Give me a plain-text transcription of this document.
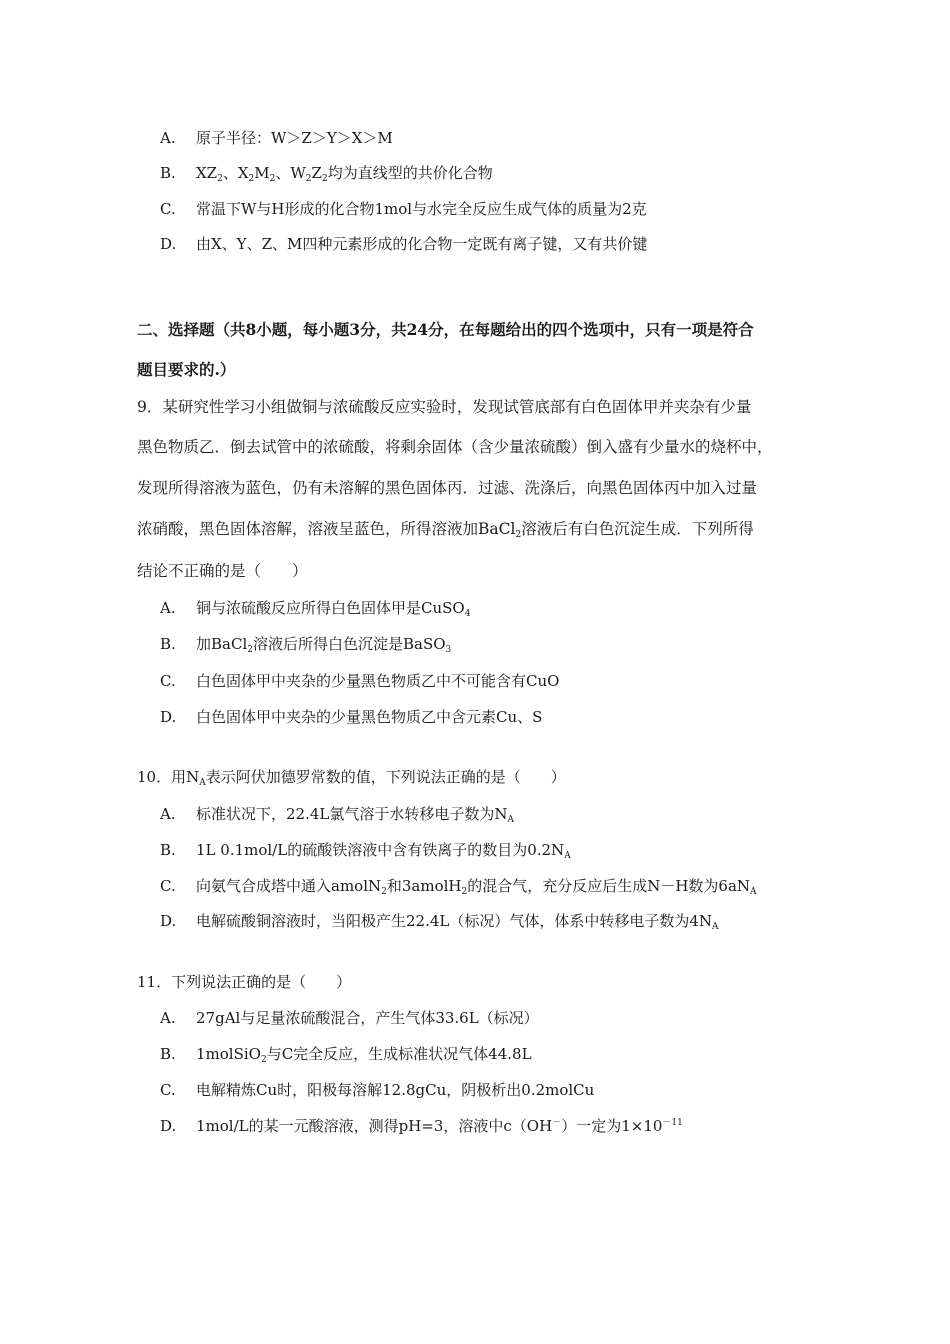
A. 原子半径：W＞Z＞Y＞X＞M
B. $XZ_2$、$X_2M_2$、$W_2Z_2$均为直线型的共价化合物
C. 常温下W与H形成的化合物1mol与水完全反应生成气体的质量为2克
D. 由X、Y、Z、M四种元素形成的化合物一定既有离子键，又有共价键
二、选择题（共8小题，每小题3分，共24分，在每题给出的四个选项中，只有一项是符合
题目要求的.）
9．某研究性学习小组做铜与浓硫酸反应实验时，发现试管底部有白色固体甲并夹杂有少量
黑色物质乙．倒去试管中的浓硫酸，将剩余固体（含少量浓硫酸）倒入盛有少量水的烧杯中，
发现所得溶液为蓝色，仍有未溶解的黑色固体丙．过滤、洗涤后，向黑色固体丙中加入过量
浓硝酸，黑色固体溶解，溶液呈蓝色，所得溶液加BaCl$_2$溶液后有白色沉淀生成．下列所得
结论不正确的是（　　）
A. 铜与浓硫酸反应所得白色固体甲是CuSO$_4$
B. 加BaCl$_2$溶液后所得白色沉淀是BaSO$_3$
C. 白色固体甲中夹杂的少量黑色物质乙中不可能含有CuO
D. 白色固体甲中夹杂的少量黑色物质乙中含元素Cu、S
10．用$N_A$表示阿伏加德罗常数的值，下列说法正确的是（　　）
A. 标准状况下，22.4L氯气溶于水转移电子数为$N_A$
B. 1L 0.1mol/L的硫酸铁溶液中含有铁离子的数目为$0.2N_A$
C. 向氨气合成塔中通入amolN$_2$和3amolH$_2$的混合气，充分反应后生成N－H数为$6aN_A$
D. 电解硫酸铜溶液时，当阳极产生22.4L（标况）气体，体系中转移电子数为$4N_A$
11．下列说法正确的是（　　）
A. 27gAl与足量浓硫酸混合，产生气体33.6L（标况）
B. 1molSiO$_2$与C完全反应，生成标准状况气体44.8L
C. 电解精炼Cu时，阳极每溶解12.8gCu，阴极析出0.2molCu
D. 1mol/L的某一元酸溶液，测得pH=3，溶液中c（OH－）一定为$1\times 10^{-11}$
